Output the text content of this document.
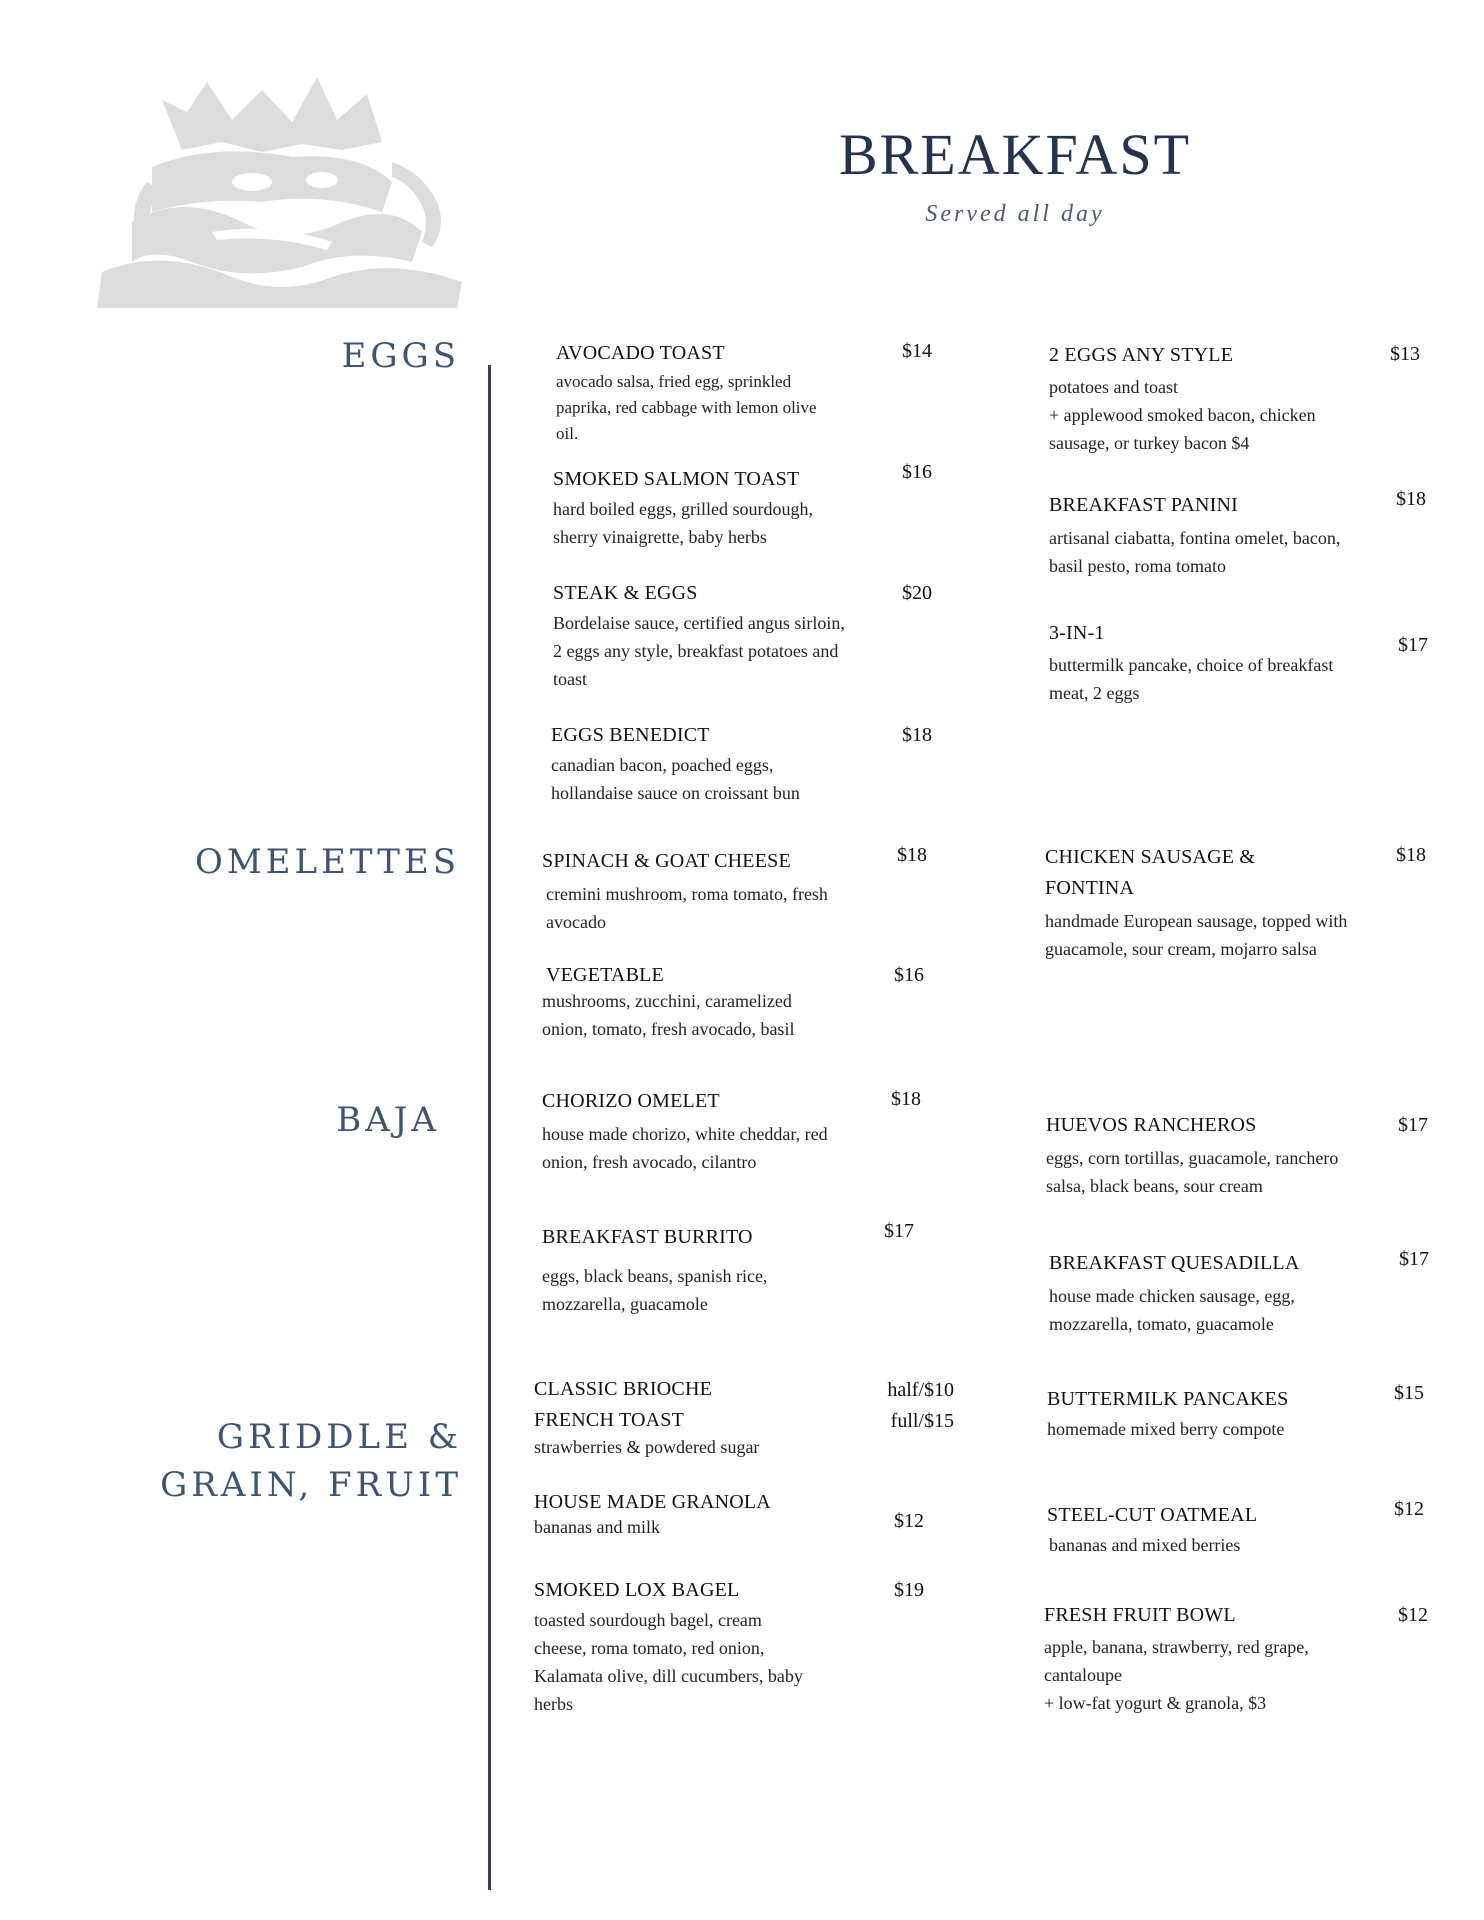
BREAKFAST
Served all day
EGGS
OMELETTES
BAJA
GRIDDLE &
GRAIN, FRUIT
AVOCADO TOAST
avocado salsa, fried egg, sprinkled
paprika, red cabbage with lemon olive
oil.
$14
SMOKED SALMON TOAST
hard boiled eggs, grilled sourdough,
sherry vinaigrette, baby herbs
$16
STEAK & EGGS
Bordelaise sauce, certified angus sirloin,
2 eggs any style, breakfast potatoes and
toast
$20
EGGS BENEDICT
canadian bacon, poached eggs,
hollandaise sauce on croissant bun
$18
2 EGGS ANY STYLE
potatoes and toast
+ applewood smoked bacon, chicken
sausage, or turkey bacon $4
$13
BREAKFAST PANINI
artisanal ciabatta, fontina omelet, bacon,
basil pesto, roma tomato
$18
3-IN-1
buttermilk pancake, choice of breakfast
meat, 2 eggs
$17
SPINACH & GOAT CHEESE
cremini mushroom, roma tomato, fresh
avocado
$18
VEGETABLE
mushrooms, zucchini, caramelized
onion, tomato, fresh avocado, basil
$16
CHICKEN SAUSAGE &
FONTINA
handmade European sausage, topped with
guacamole, sour cream, mojarro salsa
$18
CHORIZO OMELET
house made chorizo, white cheddar, red
onion, fresh avocado, cilantro
$18
BREAKFAST BURRITO
eggs, black beans, spanish rice,
mozzarella, guacamole
$17
HUEVOS RANCHEROS
eggs, corn tortillas, guacamole, ranchero
salsa, black beans, sour cream
$17
BREAKFAST QUESADILLA
house made chicken sausage, egg,
mozzarella, tomato, guacamole
$17
CLASSIC BRIOCHE
FRENCH TOAST
strawberries & powdered sugar
half/$10
full/$15
HOUSE MADE GRANOLA
bananas and milk	$12
SMOKED LOX BAGEL
toasted sourdough bagel, cream
cheese, roma tomato, red onion,
Kalamata olive, dill cucumbers, baby
herbs
$19
BUTTERMILK PANCAKES
homemade mixed berry compote
$15
STEEL-CUT OATMEAL
bananas and mixed berries
$12
FRESH FRUIT BOWL
apple, banana, strawberry, red grape,
cantaloupe
+ low-fat yogurt & granola, $3
$12
